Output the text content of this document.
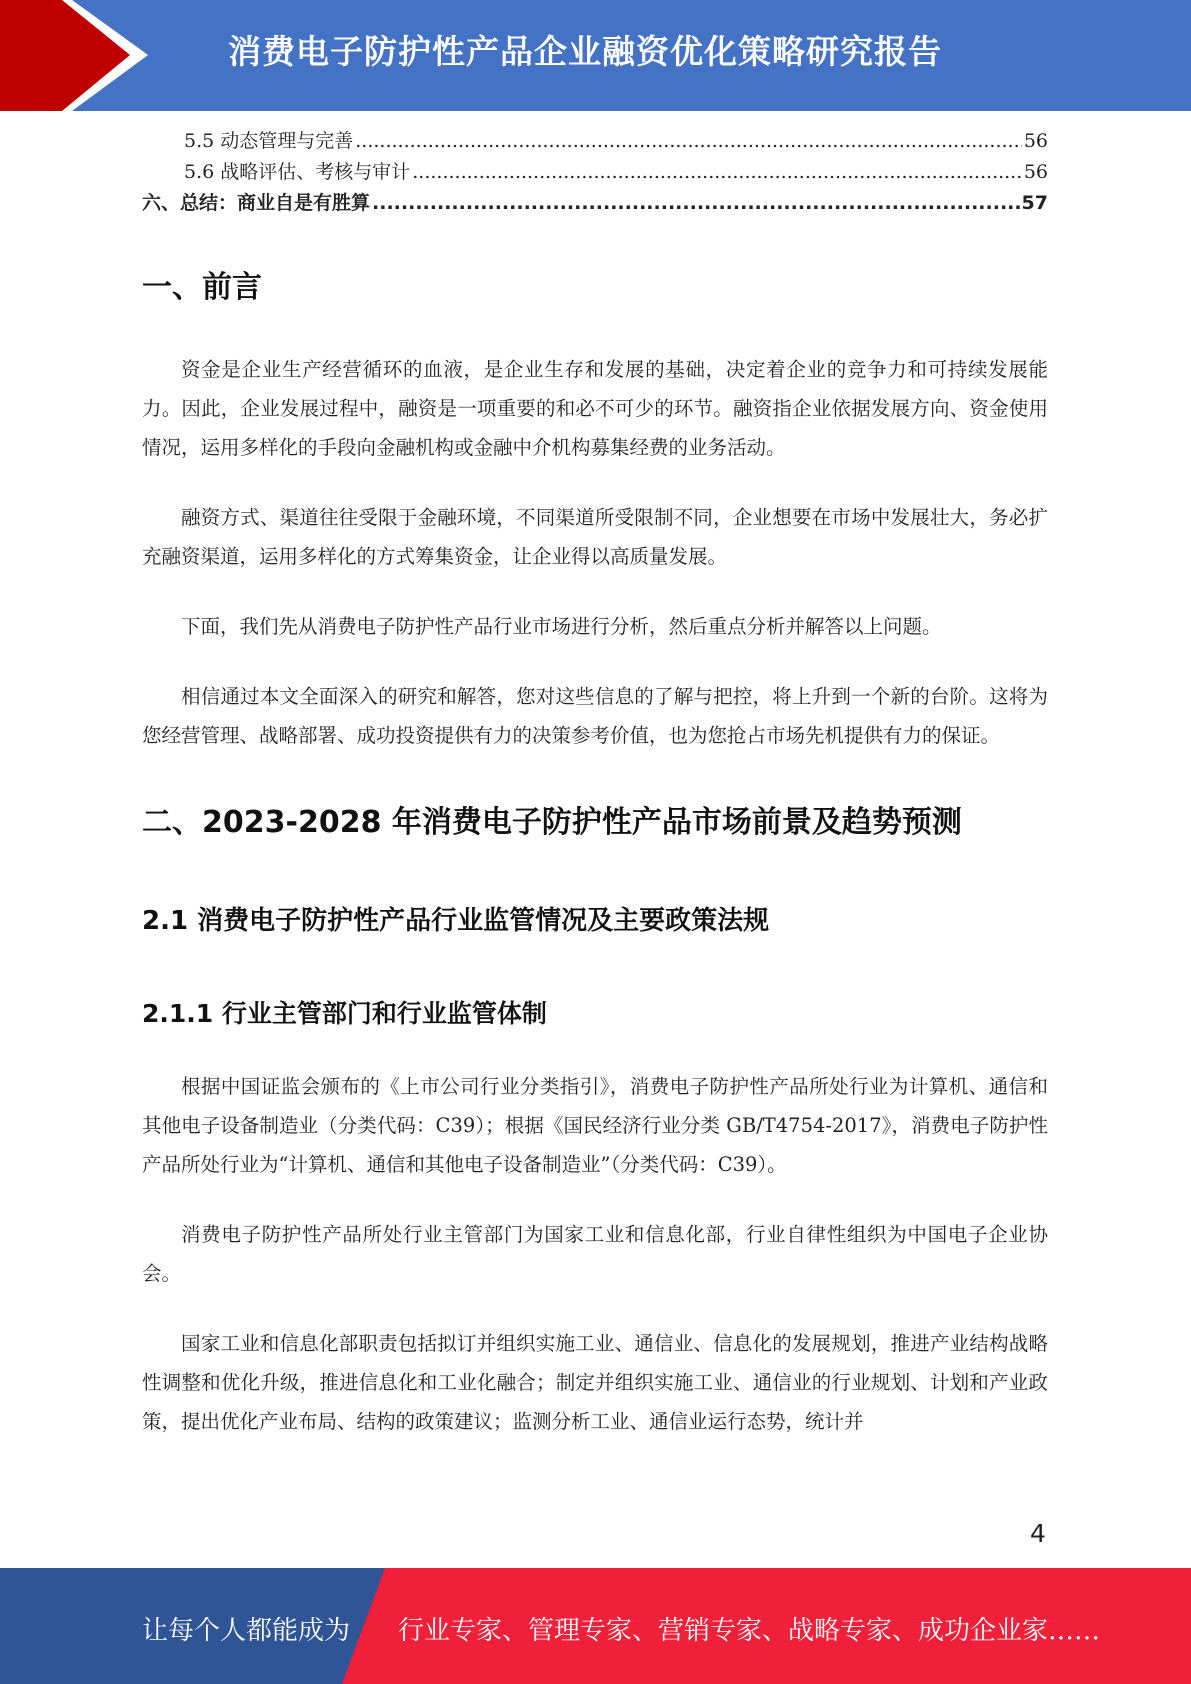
消费电子防护性产品企业融资优化策略研究报告
5.5 动态管理与完善 .....	56
5.6 战略评估、考核与审计 .....	56
六、总结：商业自是有胜算 .....	57
一、前言

资金是企业生产经营循环的血液，是企业生存和发展的基础，决定着企业的竞争力和可持续发展能力。因此，企业发展过程中，融资是一项重要的和必不可少的环节。融资指企业依据发展方向、资金使用情况，运用多样化的手段向金融机构或金融中介机构募集经费的业务活动。

融资方式、渠道往往受限于金融环境，不同渠道所受限制不同，企业想要在市场中发展壮大，务必扩充融资渠道，运用多样化的方式筹集资金，让企业得以高质量发展。

下面，我们先从消费电子防护性产品行业市场进行分析，然后重点分析并解答以上问题。

相信通过本文全面深入的研究和解答，您对这些信息的了解与把控，将上升到一个新的台阶。这将为您经营管理、战略部署、成功投资提供有力的决策参考价值，也为您抢占市场先机提供有力的保证。

二、2023-2028 年消费电子防护性产品市场前景及趋势预测
2.1 消费电子防护性产品行业监管情况及主要政策法规
2.1.1 行业主管部门和行业监管体制

根据中国证监会颁布的《上市公司行业分类指引》，消费电子防护性产品所处行业为计算机、通信和其他电子设备制造业（分类代码：C39）；根据《国民经济行业分类 GB/T4754-2017》，消费电子防护性产品所处行业为“计算机、通信和其他电子设备制造业”（分类代码：C39）。

消费电子防护性产品所处行业主管部门为国家工业和信息化部，行业自律性组织为中国电子企业协会。

国家工业和信息化部职责包括拟订并组织实施工业、通信业、信息化的发展规划，推进产业结构战略性调整和优化升级，推进信息化和工业化融合；制定并组织实施工业、通信业的行业规划、计划和产业政策，提出优化产业布局、结构的政策建议；监测分析工业、通信业运行态势，统计并

4
让每个人都能成为 行业专家、管理专家、营销专家、战略专家、成功企业家……
